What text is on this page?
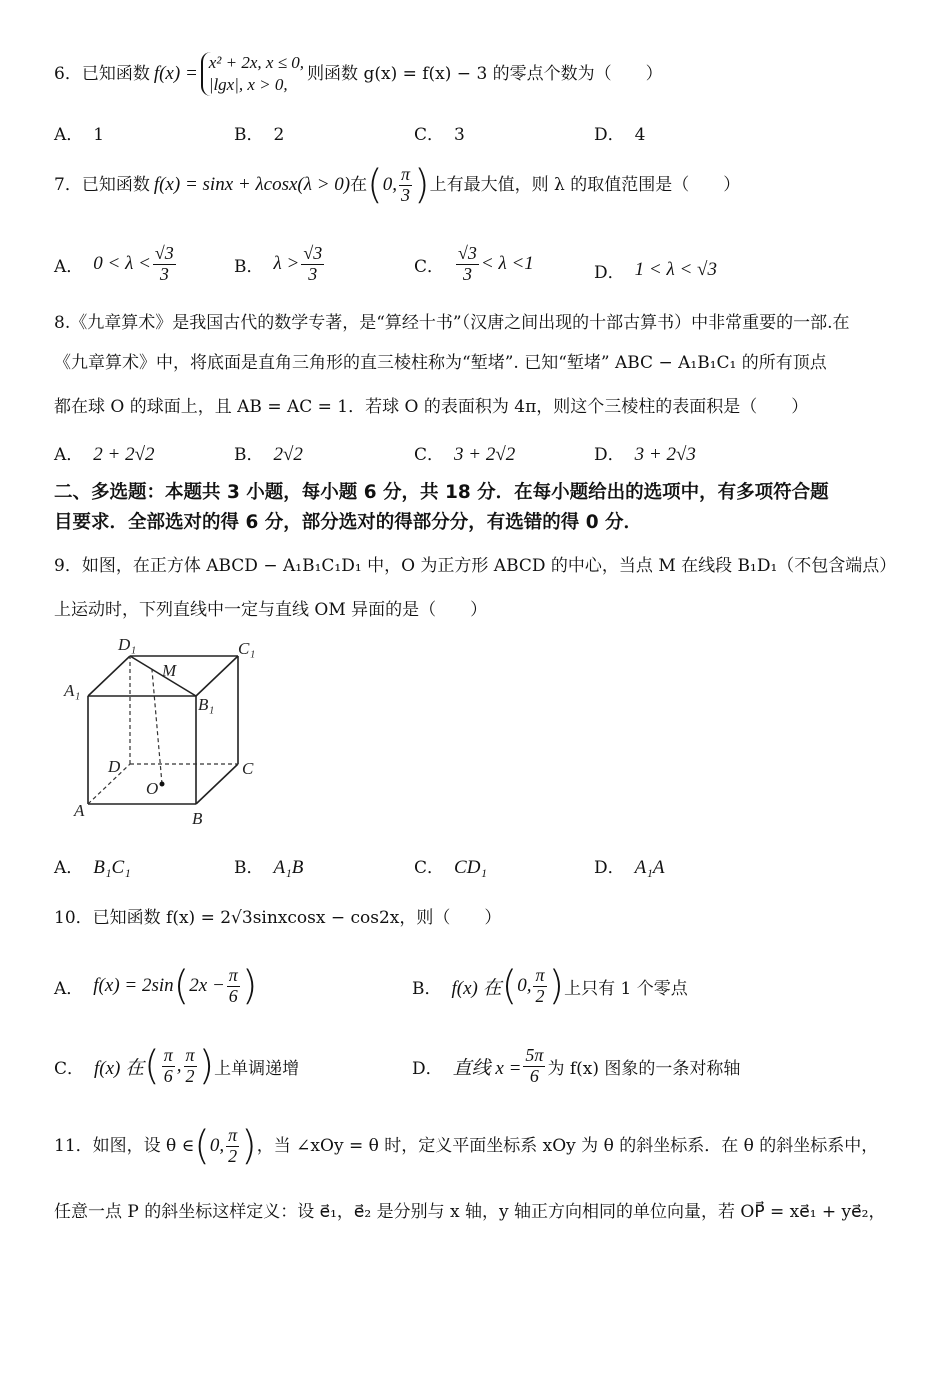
6．已知函数 f(x) =
x² + 2x, x ≤ 0,
|lgx|, x > 0,
则函数 g(x) = f(x) − 3 的零点个数为（　　）
A． 1	B． 2	C． 3	D． 4
7．已知函数 f(x) = sinx + λcosx(λ > 0) 在 ( 0, $\frac{\pi}{3}$ ) 上有最大值，则 λ 的取值范围是（　　）
A． $0 < \lambda < \frac{√3}{3}$	B． $\lambda > \frac{√3}{3}$	C． $\frac{√3}{3} < \lambda <1$	D． 1 < λ < √3
8.《九章算术》是我国古代的数学专著，是“算经十书”（汉唐之间出现的十部古算书）中非常重要的一部.在
《九章算术》中，将底面是直角三角形的直三棱柱称为“堑堵”. 已知“堑堵” ABC − A₁B₁C₁ 的所有顶点
都在球 O 的球面上，且 AB = AC = 1．若球 O 的表面积为 4π，则这个三棱柱的表面积是（　　）
A． 2 + 2√2	B． 2√2	C． 3 + 2√2	D． 3 + 2√3
二、多选题：本题共 3 小题，每小题 6 分，共 18 分．在每小题给出的选项中，有多项符合题
目要求．全部选对的得 6 分，部分选对的得部分分，有选错的得 0 分．
9．如图，在正方体 ABCD − A₁B₁C₁D₁ 中，O 为正方形 ABCD 的中心，当点 M 在线段 B₁D₁（不包含端点）
上运动时，下列直线中一定与直线 OM 异面的是（　　）
D₁	C₁
A₁
B₁
M
D	C
O
A	B
A． B₁C₁	B． A₁B	C． CD₁	D． A₁A
10．已知函数 f(x) = 2√3sinxcosx − cos2x，则（　　）
A． f(x) = 2sin ( $2x - \frac{\pi}{6}$ )	B． f(x) 在 ( 0, $\frac{\pi}{2}$ ) 上只有 1 个零点
C． f(x) 在 ( $\frac{\pi}{6}$ , $\frac{\pi}{2}$ ) 上单调递增	D． 直线 $x = \frac{5\pi}{6}$ 为 f(x) 图象的一条对称轴
11．如图，设 θ ∈ ( 0, $\frac{\pi}{2}$ ) ，当 ∠xOy = θ 时，定义平面坐标系 xOy 为 θ 的斜坐标系．在 θ 的斜坐标系中，
任意一点 P 的斜坐标这样定义：设 e⃗₁，e⃗₂ 是分别与 x 轴，y 轴正方向相同的单位向量，若 OP⃗ = xe⃗₁ + ye⃗₂，
